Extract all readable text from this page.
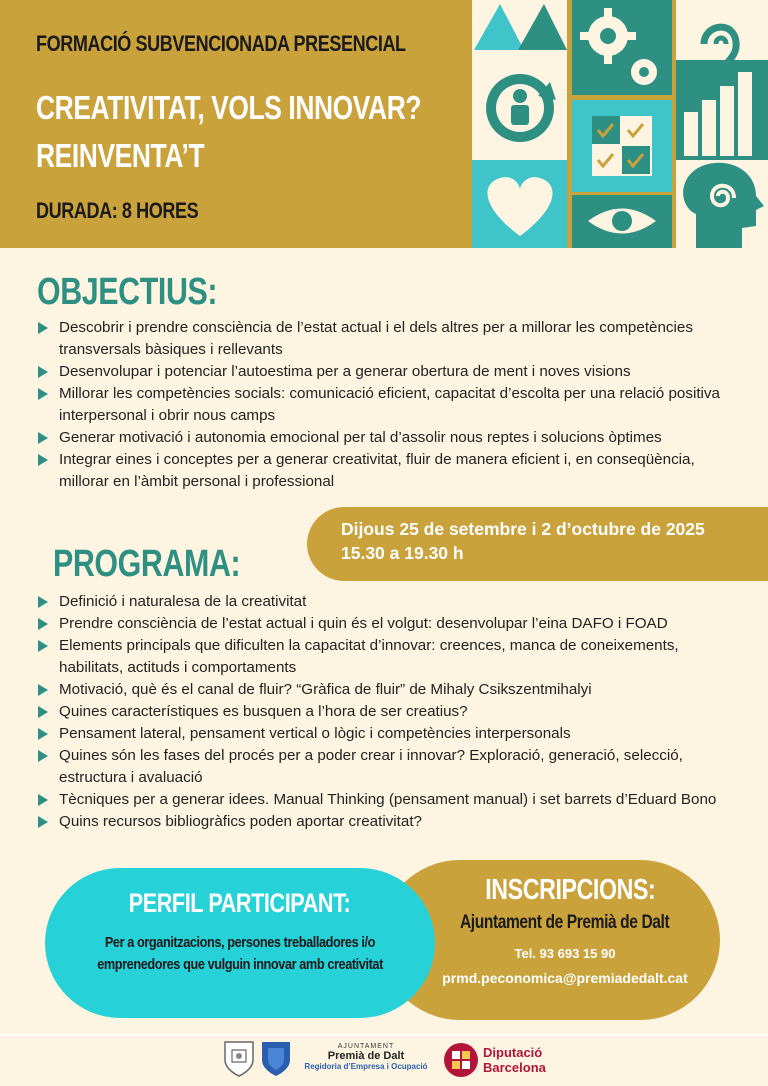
FORMACIÓ SUBVENCIONADA PRESENCIAL
CREATIVITAT, VOLS INNOVAR?
REINVENTA’T
DURADA: 8 HORES
OBJECTIUS:
Descobrir i prendre consciència de l’estat actual i el dels altres per a millorar les competències transversals bàsiques i rellevants
Desenvolupar i potenciar l’autoestima per a generar obertura de ment i noves visions
Millorar les competències socials: comunicació eficient, capacitat d’escolta per una relació positiva interpersonal i obrir nous camps
Generar motivació i autonomia emocional per tal d’assolir nous reptes i solucions òptimes
Integrar eines i conceptes per a generar creativitat, fluir de manera eficient i, en conseqüència, millorar en l’àmbit personal i professional
Dijous 25 de setembre i 2 d’octubre de 2025
15.30 a 19.30 h
PROGRAMA:
Definició i naturalesa de la creativitat
Prendre consciència de l’estat actual i quin és el volgut: desenvolupar l’eina DAFO i FOAD
Elements principals que dificulten la capacitat d’innovar: creences, manca de coneixements, habilitats, actituds i comportaments
Motivació, què és el canal de fluir? “Gràfica de fluir” de Mihaly Csikszentmihalyi
Quines característiques es busquen a l’hora de ser creatius?
Pensament lateral, pensament vertical o lògic i competències interpersonals
Quines són les fases del procés per a poder crear i innovar? Exploració, generació, selecció, estructura i avaluació
Tècniques per a generar idees. Manual Thinking (pensament manual) i set barrets d’Eduard Bono
Quins recursos bibliogràfics poden aportar creativitat?
INSCRIPCIONS:
Ajuntament de Premià de Dalt
Tel. 93 693 15 90
prmd.peconomica@premiadedalt.cat
PERFIL PARTICIPANT:
Per a organitzacions, persones treballadores i/o
emprenedores que vulguin innovar amb creativitat
AJUNTAMENT
Premià de Dalt
Regidoria d’Empresa i Ocupació
Diputació
Barcelona
